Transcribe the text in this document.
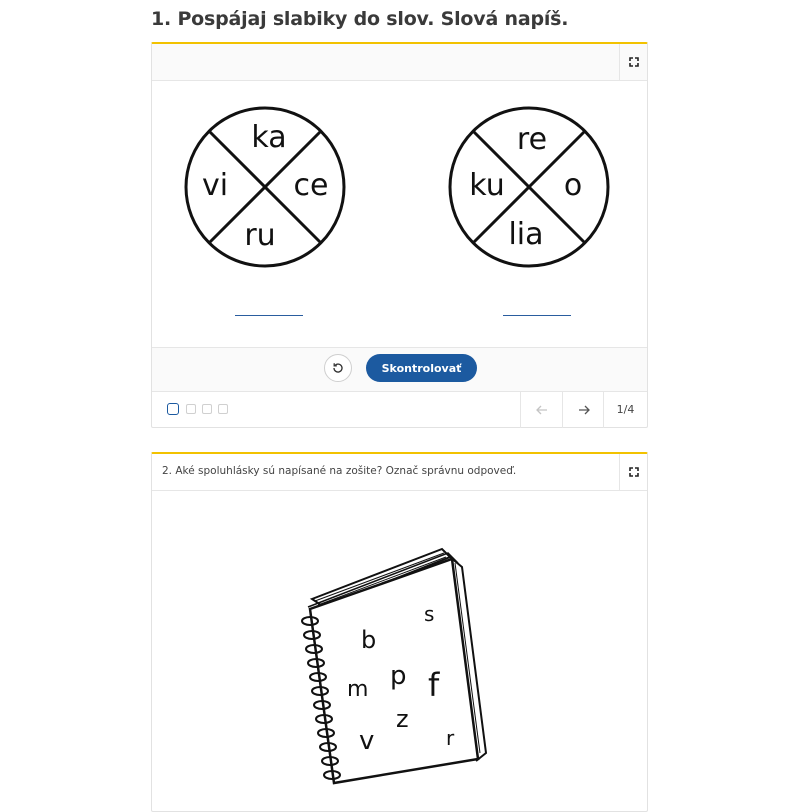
1. Pospájaj slabiky do slov. Slová napíš.
ka
vi ce
ru
re
ku o
lia
Skontrolovať
1/4
2. Aké spoluhlásky sú napísané na zošite? Označ správnu odpoveď.
s
b
p f
m
z
v	r
